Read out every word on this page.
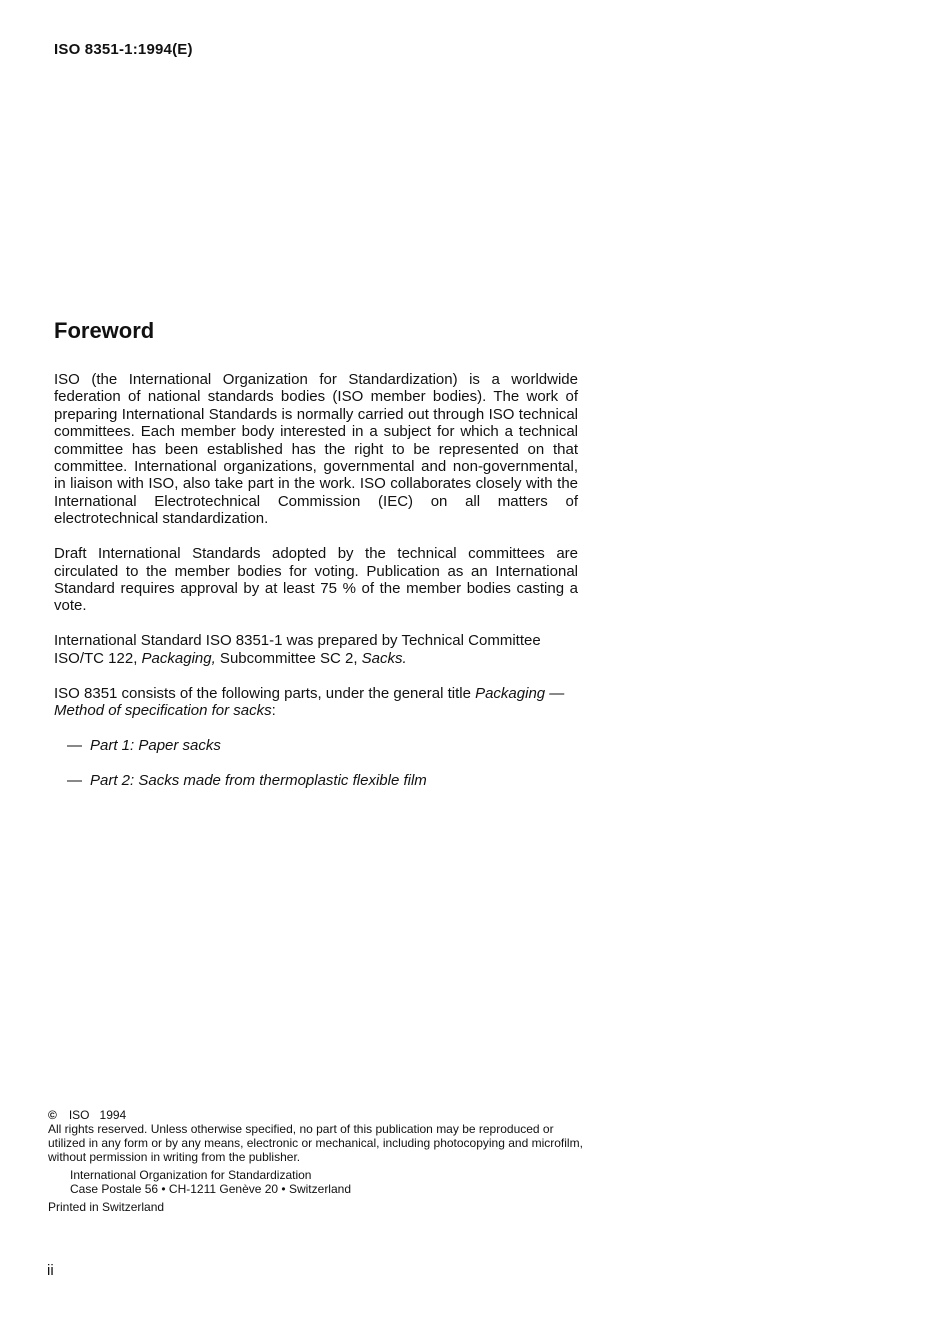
ISO 8351-1:1994(E)
Foreword

ISO (the International Organization for Standardization) is a worldwide federation of national standards bodies (ISO member bodies). The work of preparing International Standards is normally carried out through ISO technical committees. Each member body interested in a subject for which a technical committee has been established has the right to be represented on that committee. International organizations, governmental and non-governmental, in liaison with ISO, also take part in the work. ISO collaborates closely with the International Electrotechnical Commission (IEC) on all matters of electrotechnical standardization.

Draft International Standards adopted by the technical committees are circulated to the member bodies for voting. Publication as an International Standard requires approval by at least 75 % of the member bodies casting a vote.

International Standard ISO 8351-1 was prepared by Technical Committee ISO/TC 122, Packaging, Subcommittee SC 2, Sacks.

ISO 8351 consists of the following parts, under the general title Packaging — Method of specification for sacks:

— Part 1: Paper sacks
— Part 2: Sacks made from thermoplastic flexible film

© ISO 1994

All rights reserved. Unless otherwise specified, no part of this publication may be reproduced or utilized in any form or by any means, electronic or mechanical, including photocopying and microfilm, without permission in writing from the publisher.

International Organization for Standardization

Case Postale 56 • CH-1211 Genève 20 • Switzerland

Printed in Switzerland

ii
